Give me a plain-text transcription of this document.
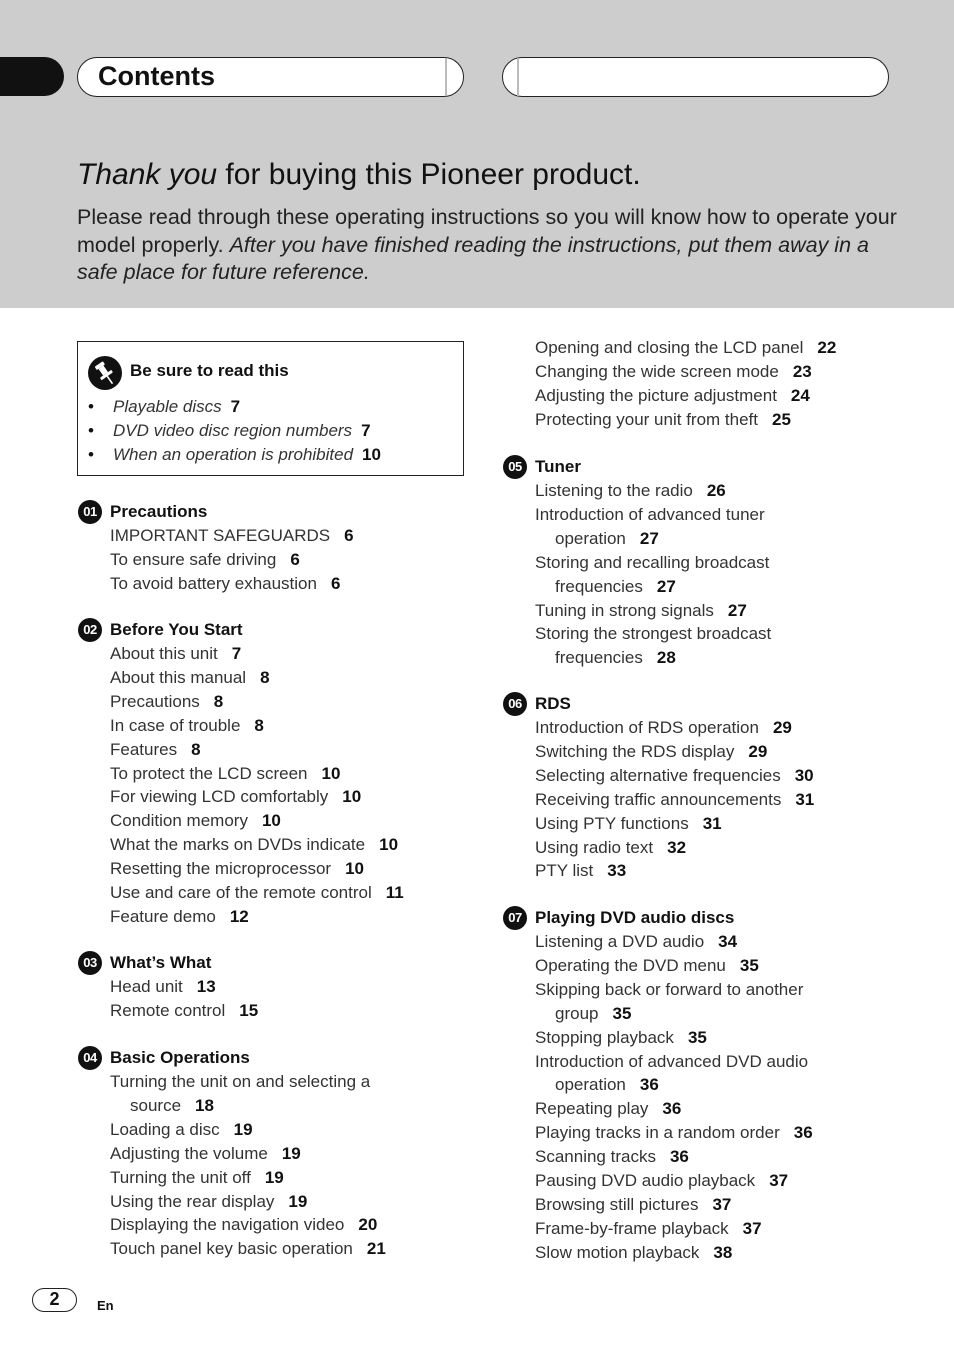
Contents
Thank you for buying this Pioneer product.
Please read through these operating instructions so you will know how to operate your model properly. After you have finished reading the instructions, put them away in a safe place for future reference.
Be sure to read this
• Playable discs 7
• DVD video disc region numbers 7
• When an operation is prohibited 10
01 Precautions
IMPORTANT SAFEGUARDS 6
To ensure safe driving 6
To avoid battery exhaustion 6
02 Before You Start
About this unit 7
About this manual 8
Precautions 8
In case of trouble 8
Features 8
To protect the LCD screen 10
For viewing LCD comfortably 10
Condition memory 10
What the marks on DVDs indicate 10
Resetting the microprocessor 10
Use and care of the remote control 11
Feature demo 12
03 What’s What
Head unit 13
Remote control 15
04 Basic Operations
Turning the unit on and selecting a
source 18
Loading a disc 19
Adjusting the volume 19
Turning the unit off 19
Using the rear display 19
Displaying the navigation video 20
Touch panel key basic operation 21
Opening and closing the LCD panel 22
Changing the wide screen mode 23
Adjusting the picture adjustment 24
Protecting your unit from theft 25
05 Tuner
Listening to the radio 26
Introduction of advanced tuner
operation 27
Storing and recalling broadcast
frequencies 27
Tuning in strong signals 27
Storing the strongest broadcast
frequencies 28
06 RDS
Introduction of RDS operation 29
Switching the RDS display 29
Selecting alternative frequencies 30
Receiving traffic announcements 31
Using PTY functions 31
Using radio text 32
PTY list 33
07 Playing DVD audio discs
Listening a DVD audio 34
Operating the DVD menu 35
Skipping back or forward to another
group 35
Stopping playback 35
Introduction of advanced DVD audio
operation 36
Repeating play 36
Playing tracks in a random order 36
Scanning tracks 36
Pausing DVD audio playback 37
Browsing still pictures 37
Frame-by-frame playback 37
Slow motion playback 38
2	En
